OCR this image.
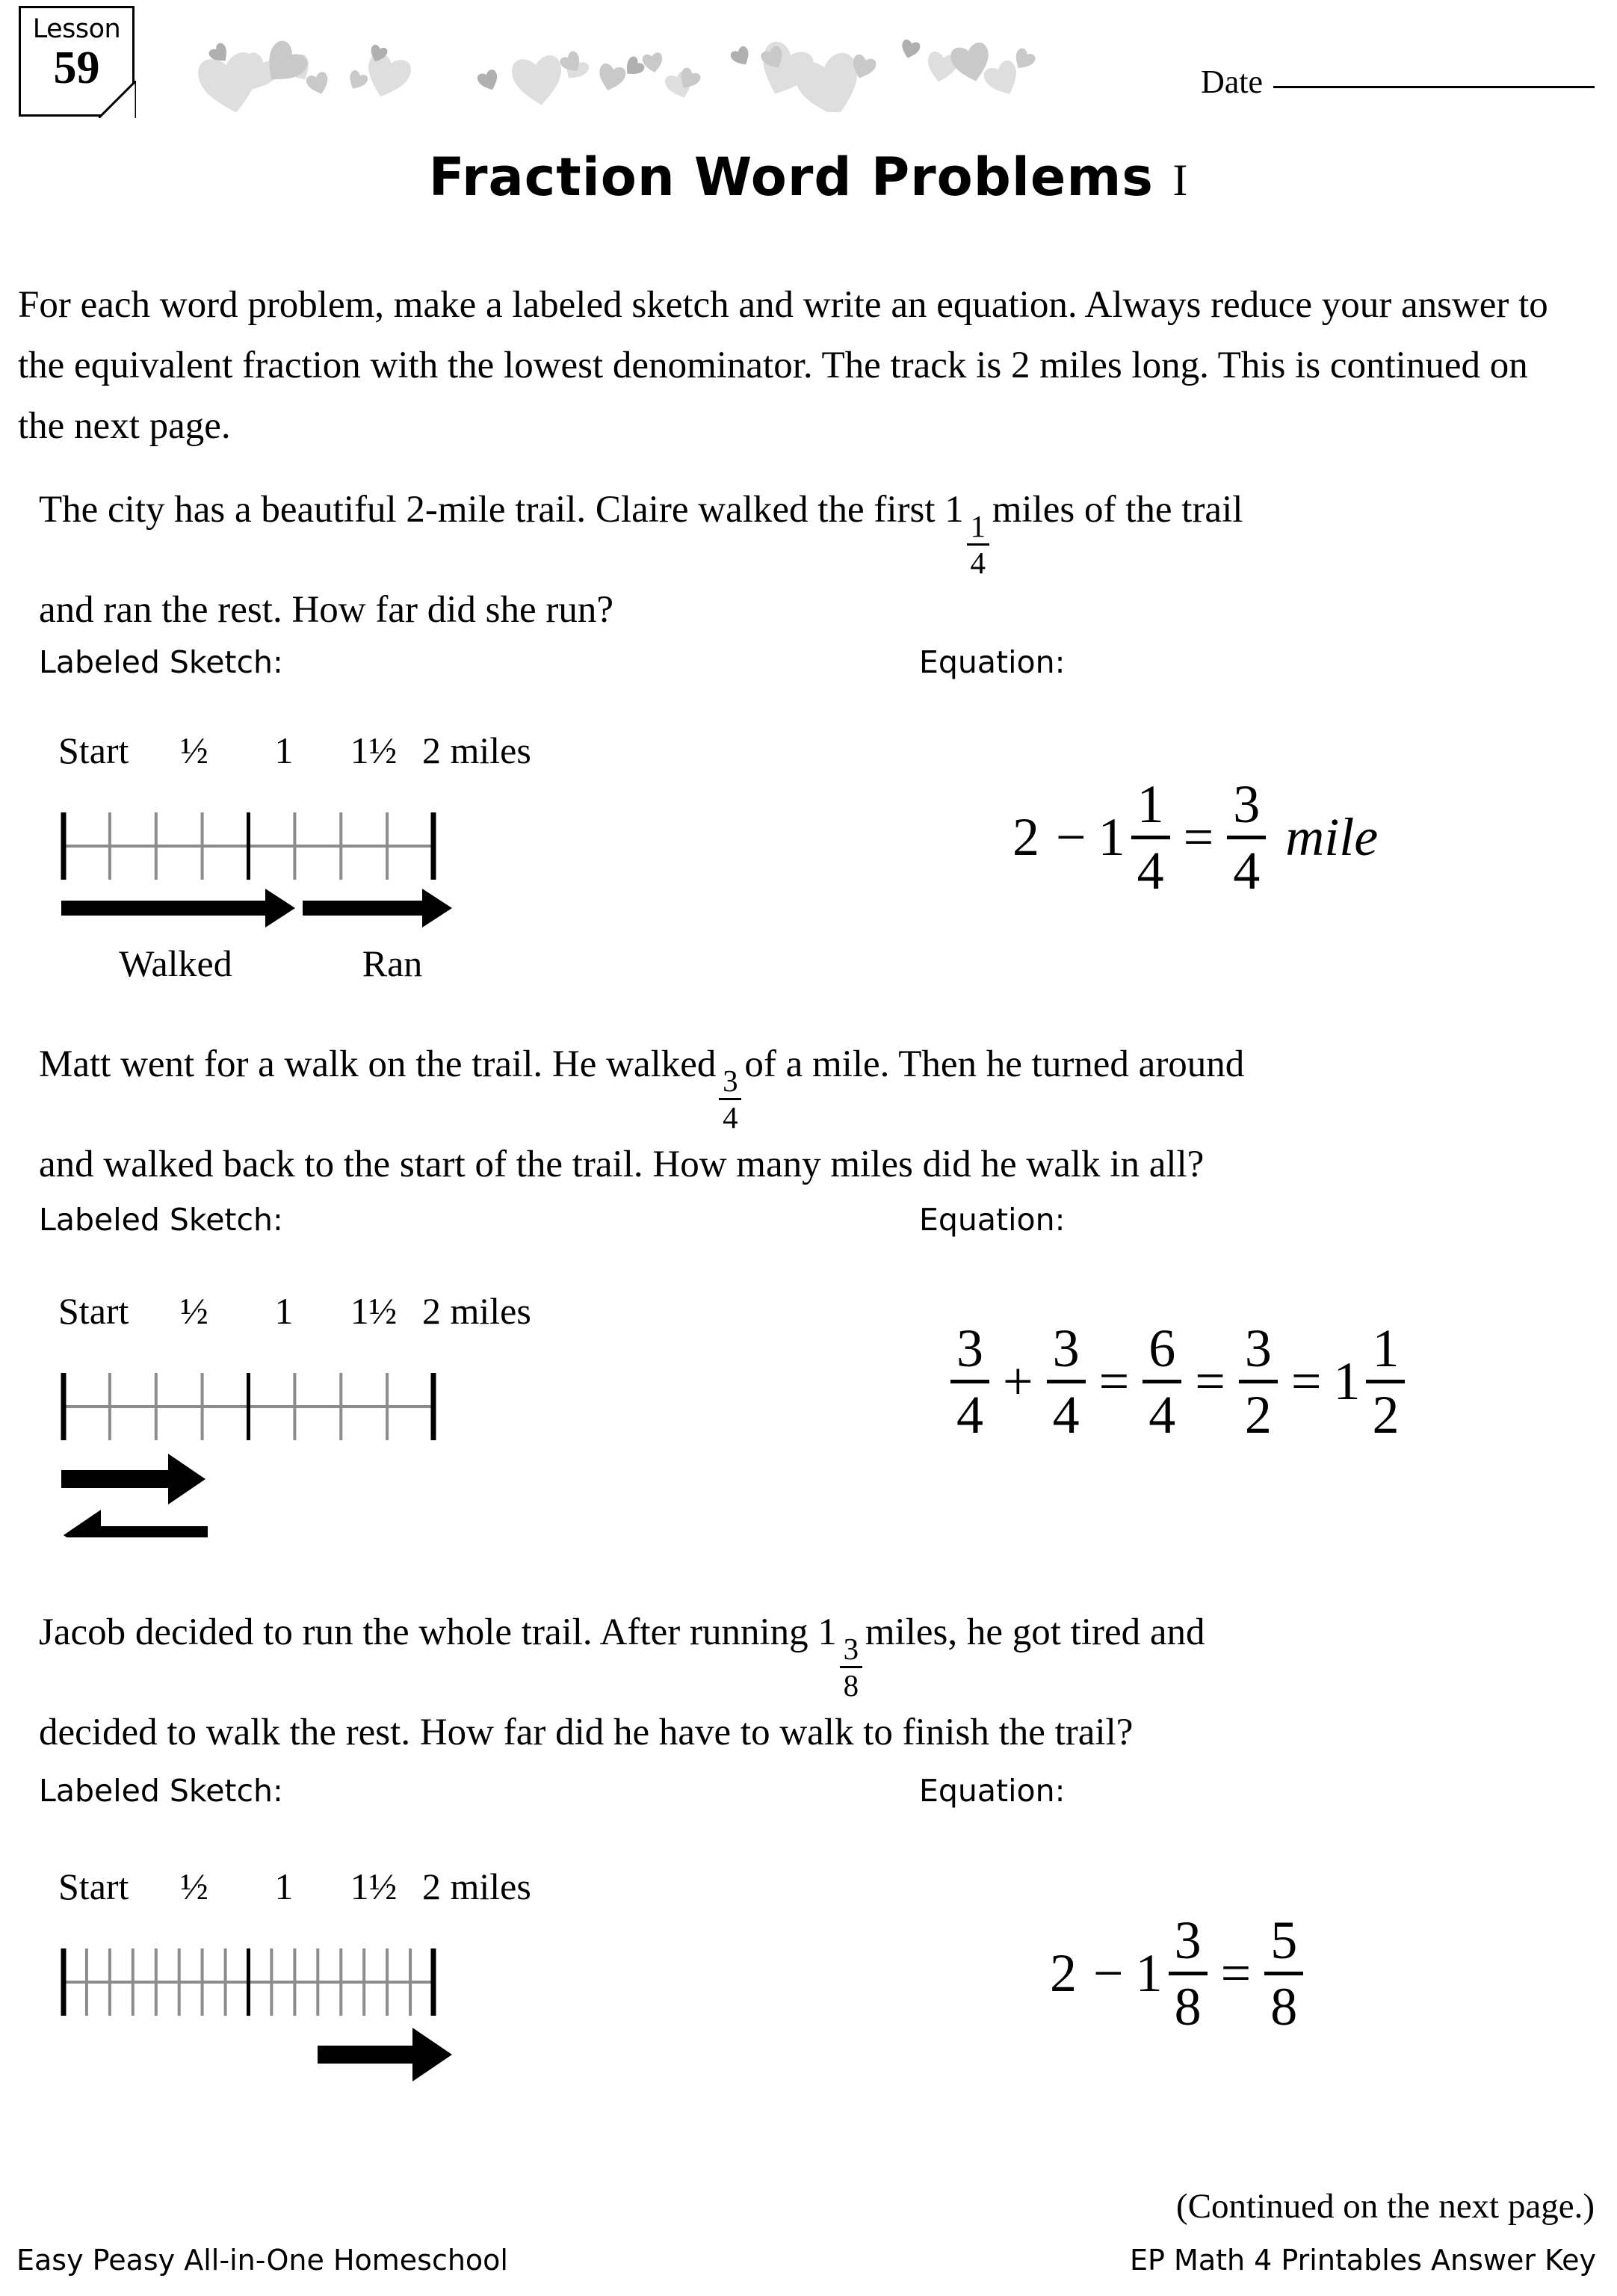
Lesson
59	Date
Fraction Word Problems I
For each word problem, make a labeled sketch and write an equation. Always reduce your answer to the equivalent fraction with the lowest denominator. The track is 2 miles long. This is continued on the next page.
The city has a beautiful 2-mile trail. Claire walked the first 1
$\frac{1}{4}$
miles of the trail
and ran the rest. How far did she run?
Labeled Sketch:	Equation:
Start ½ 1 1½ 2 miles
Walked	Ran
2 − 1
1
4
=
3
4
mile
Matt went for a walk on the trail. He walked
$\frac{3}{4}$
of a mile. Then he turned around
and walked back to the start of the trail. How many miles did he walk in all?
Labeled Sketch:	Equation:
Start ½ 1 1½ 2 miles
3
4
+
3
4
=
6
4
=
3
2
= 1
1
2
Jacob decided to run the whole trail. After running 1
$\frac{3}{8}$
miles, he got tired and
decided to walk the rest. How far did he have to walk to finish the trail?
Labeled Sketch:	Equation:
Start ½ 1 1½ 2 miles
2 − 1
3
8
=
5
8
(Continued on the next page.)
Easy Peasy All-in-One Homeschool	EP Math 4 Printables Answer Key
